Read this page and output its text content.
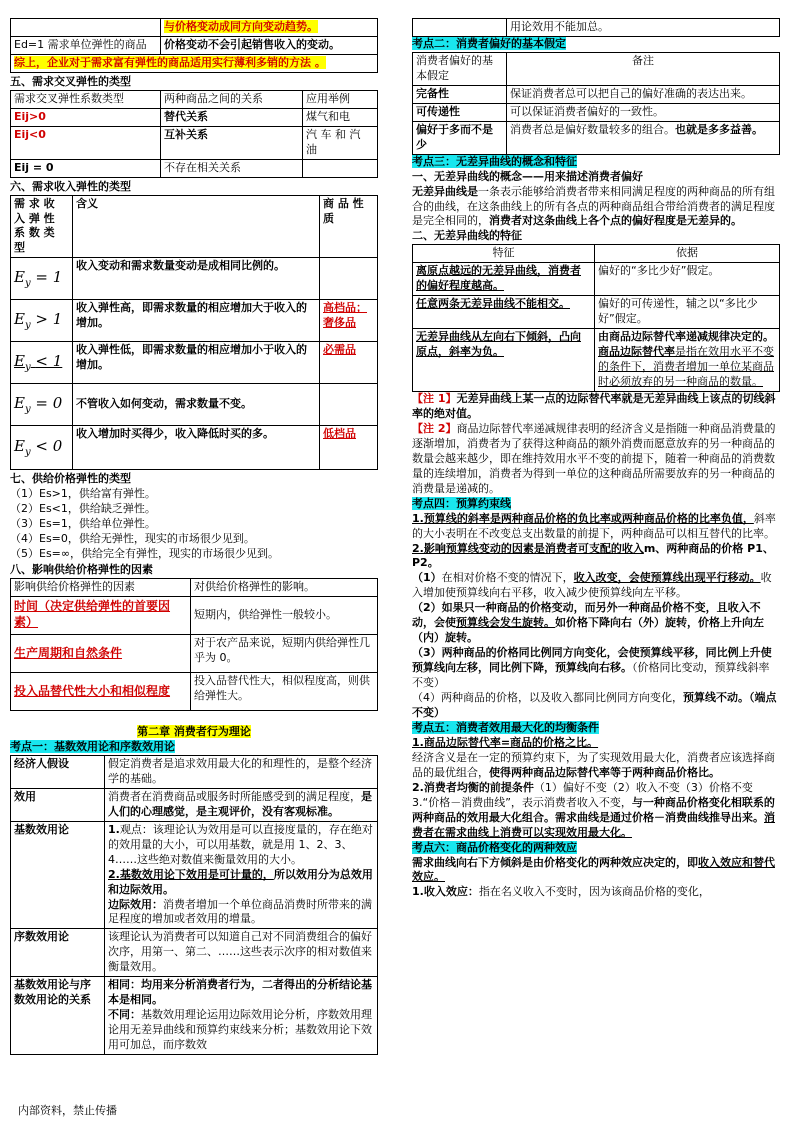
	与价格变动成同方向变动趋势。
Ed=1 需求单位弹性的商品	价格变动不会引起销售收入的变动。
综上，企业对于需求富有弹性的商品适用实行薄利多销的方法 。	
五、需求交叉弹性的类型
需求交叉弹性系数类型	两种商品之间的关系	应用举例
Eij>0	替代关系	煤气和电
Eij<0	互补关系	汽 车 和 汽 油
Eij = 0	不存在相关关系	
六、需求收入弹性的类型
需 求 收 入 弹 性 系 数 类 型	含义	商 品 性 质
$E_y = 1$	收入变动和需求数量变动是成相同比例的。	
$E_y > 1$	收入弹性高，即需求数量的相应增加大于收入的增加。	高档品；奢侈品
$E_y < 1$	收入弹性低，即需求数量的相应增加小于收入的增加。	必需品
$E_y = 0$	不管收入如何变动，需求数量不变。	
$E_y < 0$	收入增加时买得少，收入降低时买的多。	低档品
七、供给价格弹性的类型
（1）Es>1，供给富有弹性。
（2）Es<1，供给缺乏弹性。
（3）Es=1，供给单位弹性。
（4）Es=0，供给无弹性，现实的市场很少见到。
（5）Es=∞，供给完全有弹性，现实的市场很少见到。
八、影响供给价格弹性的因素
影响供给价格弹性的因素	对供给价格弹性的影响。
时间（决定供给弹性的首要因素）	短期内，供给弹性一般较小。
生产周期和自然条件	对于农产品来说，短期内供给弹性几乎为 0。
投入品替代性大小和相似程度	投入品替代性大，相似程度高，则供给弹性大。
第二章 消费者行为理论
考点一：基数效用论和序数效用论
经济人假设	假定消费者是追求效用最大化的和理性的，是整个经济学的基础。
效用	消费者在消费商品或服务时所能感受到的满足程度，是人们的心理感觉，是主观评价，没有客观标准。
基数效用论	1.观点：该理论认为效用是可以直接度量的，存在绝对的效用量的大小，可以用基数，就是用 1、2、3、4……这些绝对数值来衡量效用的大小。
2.基数效用论下效用是可计量的，所以效用分为总效用和边际效用。
边际效用：消费者增加一个单位商品消费时所带来的满足程度的增加或者效用的增量。

序数效用论	该理论认为消费者可以知道自己对不同消费组合的偏好次序，用第一、第二、……这些表示次序的相对数值来衡量效用。
基数效用论与序数效用论的关系	相同：均用来分析消费者行为，二者得出的分析结论基本是相同。
不同：基数效用理论运用边际效用论分析，序数效用理论用无差异曲线和预算约束线来分析；基数效用论下效用可加总，而序数效
内部资料，禁止传播
	用论效用不能加总。
考点二：消费者偏好的基本假定
消费者偏好的基本假定	备注
完备性	保证消费者总可以把自己的偏好准确的表达出来。
可传递性	可以保证消费者偏好的一致性。
偏好于多而不是少	消费者总是偏好数量较多的组合。也就是多多益善。
考点三：无差异曲线的概念和特征
一、无差异曲线的概念——用来描述消费者偏好
无差异曲线是一条表示能够给消费者带来相同满足程度的两种商品的所有组合的曲线，在这条曲线上的所有各点的两种商品组合带给消费者的满足程度是完全相同的，消费者对这条曲线上各个点的偏好程度是无差异的。
二、无差异曲线的特征
特征	依据
离原点越远的无差异曲线，消费者的偏好程度越高。	偏好的“多比少好”假定。
任意两条无差异曲线不能相交。	偏好的可传递性，辅之以“多比少好”假定。
无差异曲线从左向右下倾斜，凸向原点，斜率为负。	由商品边际替代率递减规律决定的。
商品边际替代率是指在效用水平不变的条件下，消费者增加一单位某商品时必须放弃的另一种商品的数量。
【注 1】无差异曲线上某一点的边际替代率就是无差异曲线上该点的切线斜率的绝对值。
【注 2】商品边际替代率递减规律表明的经济含义是指随一种商品消费量的逐渐增加，消费者为了获得这种商品的额外消费而愿意放弃的另一种商品的数量会越来越少，即在维持效用水平不变的前提下，随着一种商品的消费数量的连续增加，消费者为得到一单位的这种商品所需要放弃的另一种商品的消费量是递减的。
考点四：预算约束线
1.预算线的斜率是两种商品价格的负比率或两种商品价格的比率负值，斜率的大小表明在不改变总支出数量的前提下，两种商品可以相互替代的比率。
2.影响预算线变动的因素是消费者可支配的收入m、两种商品的价格 P1、P2。
（1）在相对价格不变的情况下，收入改变，会使预算线出现平行移动。收入增加使预算线向右平移，收入减少使预算线向左平移。
（2）如果只一种商品的价格变动，而另外一种商品价格不变，且收入不动，会使预算线会发生旋转。如价格下降向右（外）旋转，价格上升向左（内）旋转。
（3）两种商品的价格同比例同方向变化，会使预算线平移，同比例上升使预算线向左移，同比例下降，预算线向右移。（价格同比变动，预算线斜率不变）
（4）两种商品的价格，以及收入都同比例同方向变化，预算线不动。（端点不变）
考点五：消费者效用最大化的均衡条件
1.商品边际替代率=商品的价格之比。
经济含义是在一定的预算约束下，为了实现效用最大化，消费者应该选择商品的最优组合，使得两种商品边际替代率等于两种商品价格比。
2.消费者均衡的前提条件（1）偏好不变（2）收入不变（3）价格不变
3.“价格－消费曲线”，表示消费者收入不变，与一种商品价格变化相联系的两种商品的效用最大化组合。需求曲线是通过价格－消费曲线推导出来。消费者在需求曲线上消费可以实现效用最大化。
考点六：商品价格变化的两种效应
需求曲线向右下方倾斜是由价格变化的两种效应决定的，即收入效应和替代效应。
1.收入效应：指在名义收入不变时，因为该商品价格的变化，
